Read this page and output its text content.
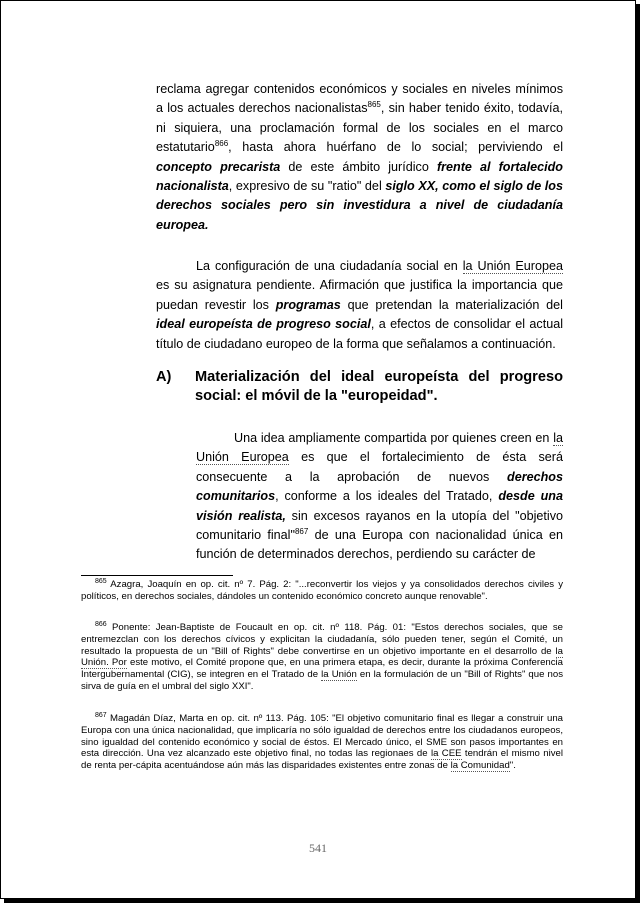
reclama agregar contenidos económicos y sociales en niveles mínimos a los actuales derechos nacionalistas$^{865}$, sin haber tenido éxito, todavía, ni siquiera, una proclamación formal de los sociales en el marco estatutario$^{866}$, hasta ahora huérfano de lo social; perviviendo el concepto precarista de este ámbito jurídico frente al fortalecido nacionalista, expresivo de su "ratio" del siglo XX, como el siglo de los derechos sociales pero sin investidura a nivel de ciudadanía europea.

La configuración de una ciudadanía social en la Unión Europea es su asignatura pendiente. Afirmación que justifica la importancia que puedan revestir los programas que pretendan la materialización del ideal europeísta de progreso social, a efectos de consolidar el actual título de ciudadano europeo de la forma que señalamos a continuación.

A) Materialización del ideal europeísta del progreso social: el móvil de la "europeidad".

Una idea ampliamente compartida por quienes creen en la Unión Europea es que el fortalecimiento de ésta será consecuente a la aprobación de nuevos derechos comunitarios, conforme a los ideales del Tratado, desde una visión realista, sin excesos rayanos en la utopía del "objetivo comunitario final"$^{867}$ de una Europa con nacionalidad única en función de determinados derechos, perdiendo su carácter de

$^{865}$ Azagra, Joaquín en op. cit. nº 7. Pág. 2: "...reconvertir los viejos y ya consolidados derechos civiles y políticos, en derechos sociales, dándoles un contenido económico concreto aunque renovable".

$^{866}$ Ponente: Jean-Baptiste de Foucault en op. cit. nº 118. Pág. 01: "Estos derechos sociales, que se entremezclan con los derechos cívicos y explicitan la ciudadanía, sólo pueden tener, según el Comité, un resultado la propuesta de un "Bill of Rights" debe convertirse en un objetivo importante en el desarrollo de la Unión. Por este motivo, el Comité propone que, en una primera etapa, es decir, durante la próxima Conferencia Intergubernamental (CIG), se integren en el Tratado de la Unión en la formulación de un "Bill of Rights" que nos sirva de guía en el umbral del siglo XXI".

$^{867}$ Magadán Díaz, Marta en op. cit. nº 113. Pág. 105: "El objetivo comunitario final es llegar a construir una Europa con una única nacionalidad, que implicaría no sólo igualdad de derechos entre los ciudadanos europeos, sino igualdad del contenido económico y social de éstos. El Mercado único, el SME son pasos importantes en esta dirección. Una vez alcanzado este objetivo final, no todas las regionaes de la CEE tendrán el mismo nivel de renta per-cápita acentuándose aún más las disparidades existentes entre zonas de la Comunidad".

541
